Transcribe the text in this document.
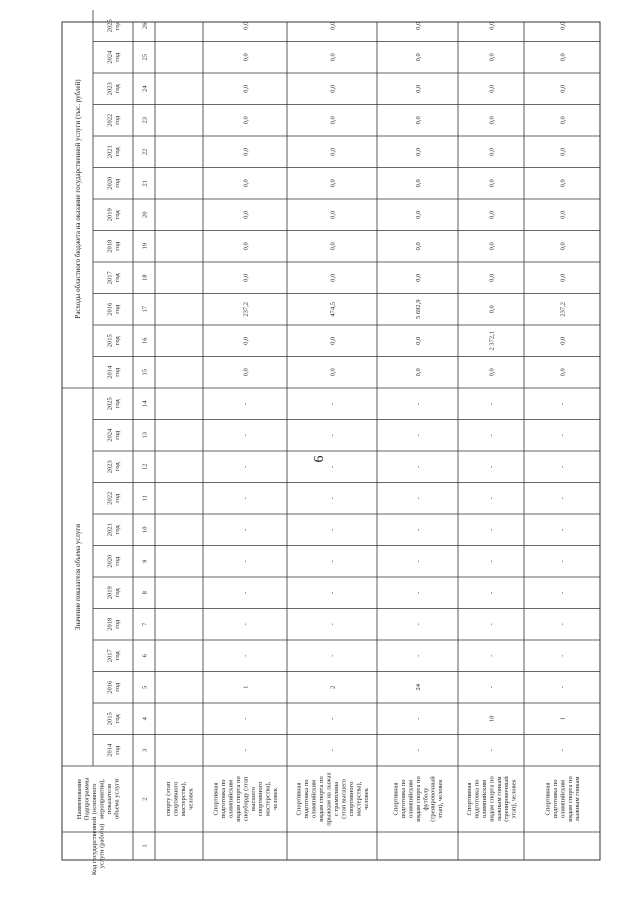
6
Код государственнойуслуги (работы)
НаименованиеПодпрограммы(основногомероприятия),показателяобъема услуги
Значение показателя объема услуги
Расходы областного бюджета на оказание государственной услуги (тыс. рублей)
2014год
2015год
2016год
2017год
2018год
2019год
2020год
2021год
2022год
2023год
2024год
2025год
2014год
2015год
2016год
2017год
2018год
2019год
2020год
2021год
2022год
2023год
2024год
2025год
1
2
3
4
5
6
7
8
9
10
11
12
13
14
15
16
17
18
19
20
21
22
23
24
25
26
спорту (этапспортивногомастерства),человек	Спортивнаяподготовка поолимпийскимвидам спорта посноуборду (этапвысшегоспортивногомастерства),человек
-
-
1
-
-
-
-
-
-
-
-
-
0,0
0,0
237,2
0,0
0,0
0,0
0,0
0,0
0,0
0,0
0,0
0,0
Спортивнаяподготовка поолимпийскимвидам спорта попрыжкам на лыжахс трамплина(этап высшегоспортивногомастерства),человек
-
-
2
-
-
-
-
-
-
-
-
-
0,0
0,0
474,5
0,0
0,0
0,0
0,0
0,0
0,0
0,0
0,0
0,0
Спортивнаяподготовка поолимпийскимвидам спорта пофутболу(тренировочныйэтап), человек
-
-
24
-
-
-
-
-
-
-
-
-
0,0
0,0
5 692,9
0,0
0,0
0,0
0,0
0,0
0,0
0,0
0,0
0,0
Спортивнаяподготовка поолимпийскимвидам спорта полыжным гонкам(тренировочныйэтап), человек
-
10
-
-
-
-
-
-
-
-
-
-
0,0
2 372,1
0,0
0,0
0,0
0,0
0,0
0,0
0,0
0,0
0,0
0,0
Спортивнаяподготовка поолимпийскимвидам спорта полыжным гонкам
-
1
-
-
-
-
-
-
-
-
-
-
0,0
0,0
237,2
0,0
0,0
0,0
0,0
0,0
0,0
0,0
0,0
0,0
